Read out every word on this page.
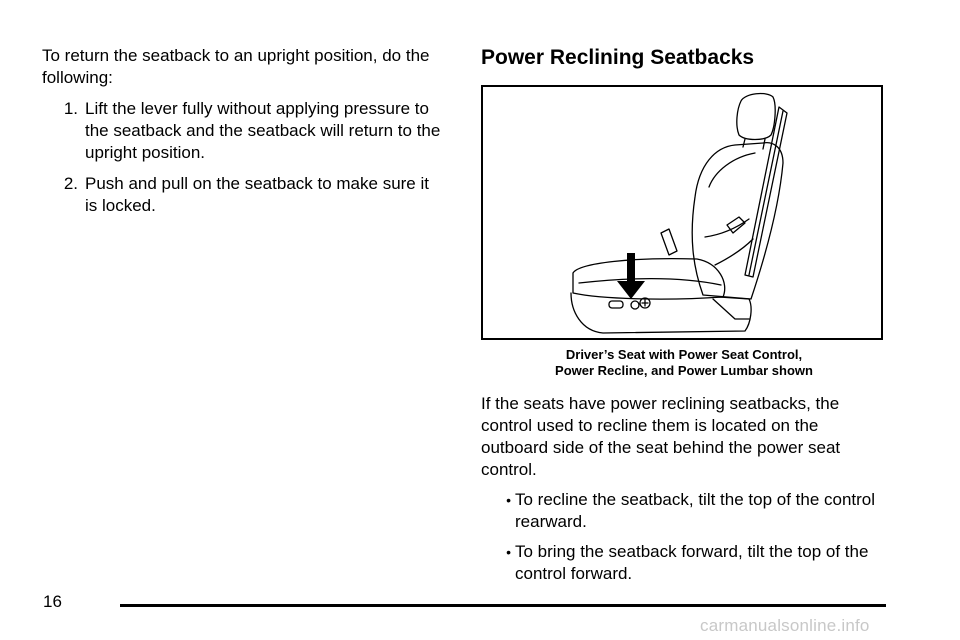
To return the seatback to an upright position, do the following:

1. Lift the lever fully without applying pressure to the seatback and the seatback will return to the upright position.
2. Push and pull on the seatback to make sure it is locked.
Power Reclining Seatbacks
Driver’s Seat with Power Seat Control,
Power Recline, and Power Lumbar shown

If the seats have power reclining seatbacks, the control used to recline them is located on the outboard side of the seat behind the power seat control.

• To recline the seatback, tilt the top of the control rearward.
• To bring the seatback forward, tilt the top of the control forward.
16
carmanualsonline.info
